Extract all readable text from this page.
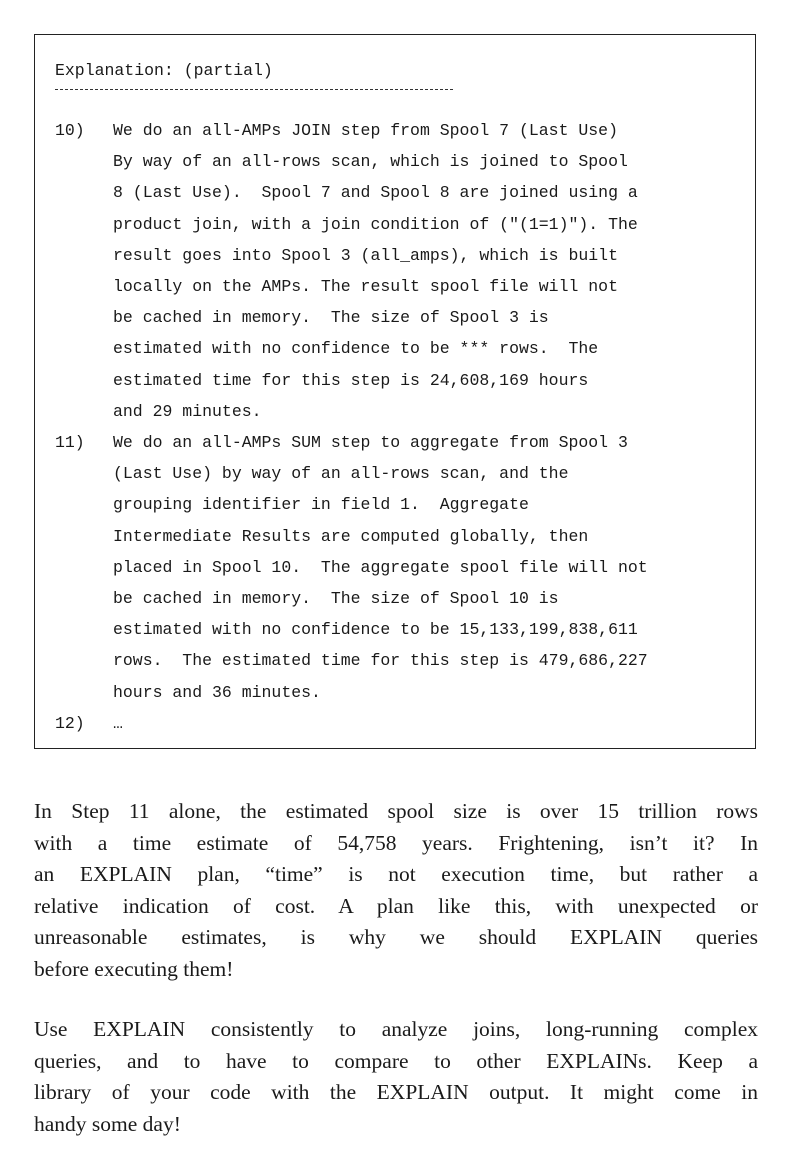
Explanation: (partial)
10)	We do an all-AMPs JOIN step from Spool 7 (Last Use)
By way of an all-rows scan, which is joined to Spool
8 (Last Use).  Spool 7 and Spool 8 are joined using a
product join, with a join condition of ("(1=1)"). The
result goes into Spool 3 (all_amps), which is built
locally on the AMPs. The result spool file will not
be cached in memory.  The size of Spool 3 is
estimated with no confidence to be *** rows.  The
estimated time for this step is 24,608,169 hours
and 29 minutes.
11)	We do an all-AMPs SUM step to aggregate from Spool 3
(Last Use) by way of an all-rows scan, and the
grouping identifier in field 1.  Aggregate
Intermediate Results are computed globally, then
placed in Spool 10.  The aggregate spool file will not
be cached in memory.  The size of Spool 10 is
estimated with no confidence to be 15,133,199,838,611
rows.  The estimated time for this step is 479,686,227
hours and 36 minutes.
12)	…
In Step 11 alone, the estimated spool size is over 15 trillion rows
with a time estimate of 54,758 years. Frightening, isn’t it? In
an EXPLAIN plan, “time” is not execution time, but rather a
relative indication of cost. A plan like this, with unexpected or
unreasonable estimates, is why we should EXPLAIN queries
before executing them!
Use EXPLAIN consistently to analyze joins, long-running complex
queries, and to have to compare to other EXPLAINs. Keep a
library of your code with the EXPLAIN output. It might come in
handy some day!
